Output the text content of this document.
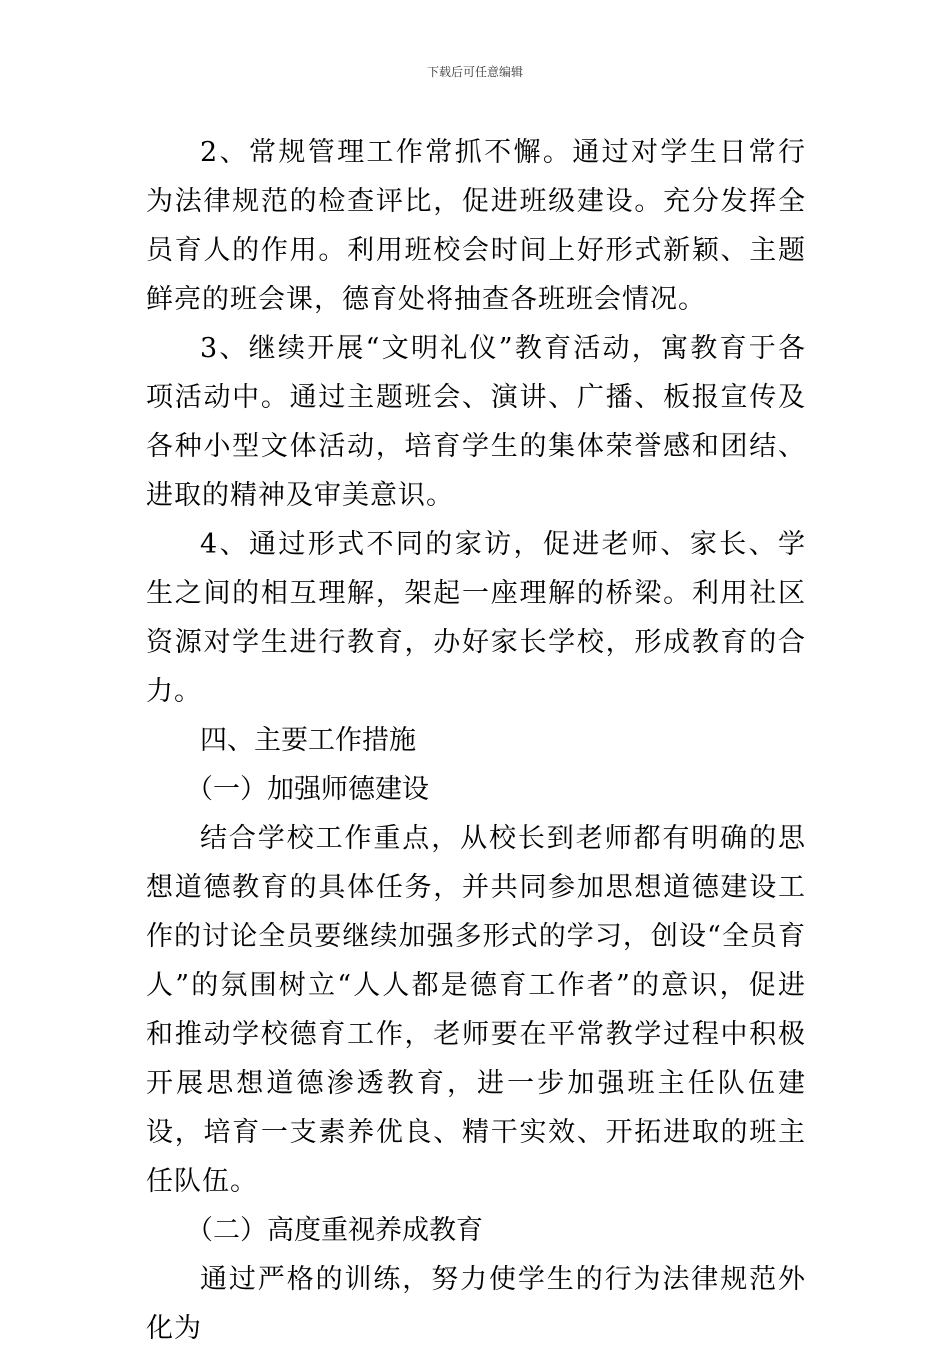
下载后可任意编辑

2、常规管理工作常抓不懈。通过对学生日常行为法律规范的检查评比，促进班级建设。充分发挥全员育人的作用。利用班校会时间上好形式新颖、主题鲜亮的班会课，德育处将抽查各班班会情况。

3、继续开展“文明礼仪”教育活动，寓教育于各项活动中。通过主题班会、演讲、广播、板报宣传及各种小型文体活动，培育学生的集体荣誉感和团结、进取的精神及审美意识。

4、通过形式不同的家访，促进老师、家长、学生之间的相互理解，架起一座理解的桥梁。利用社区资源对学生进行教育，办好家长学校，形成教育的合力。

四、主要工作措施

（一）加强师德建设

结合学校工作重点，从校长到老师都有明确的思想道德教育的具体任务，并共同参加思想道德建设工作的讨论全员要继续加强多形式的学习，创设“全员育人”的氛围树立“人人都是德育工作者”的意识，促进和推动学校德育工作，老师要在平常教学过程中积极开展思想道德渗透教育，进一步加强班主任队伍建设，培育一支素养优良、精干实效、开拓进取的班主任队伍。

（二）高度重视养成教育

通过严格的训练，努力使学生的行为法律规范外化为
